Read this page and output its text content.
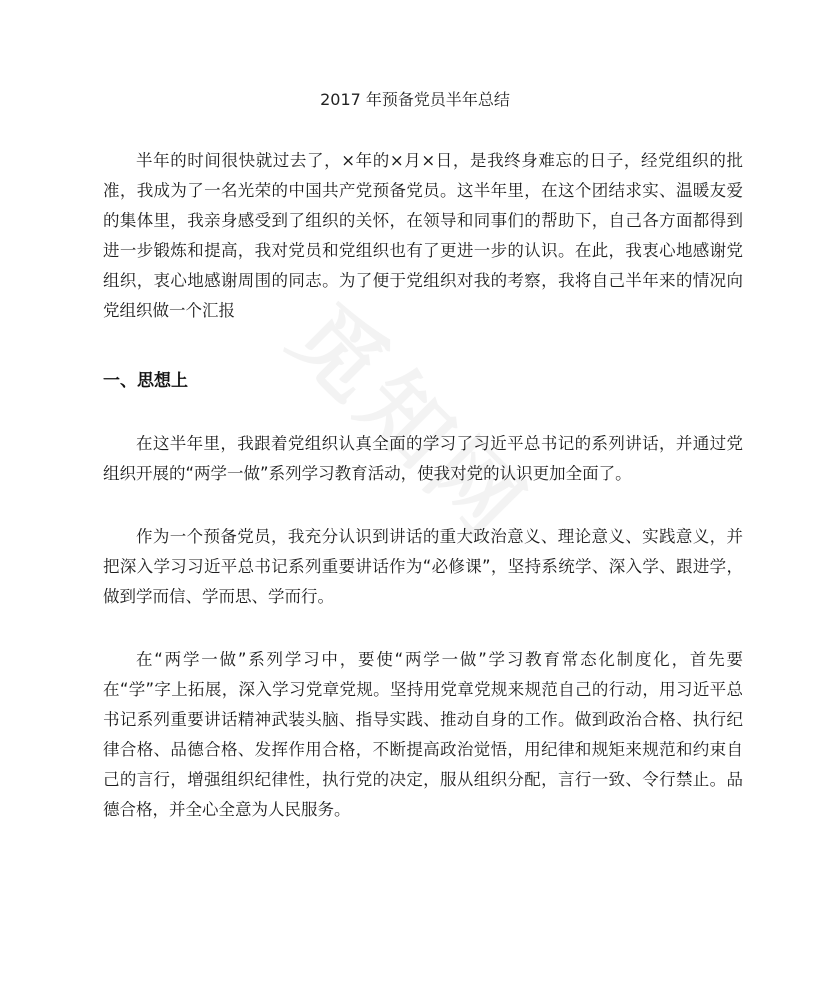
2017 年预备党员半年总结

半年的时间很快就过去了，×年的×月×日，是我终身难忘的日子，经党组织的批准，我成为了一名光荣的中国共产党预备党员。这半年里，在这个团结求实、温暖友爱的集体里，我亲身感受到了组织的关怀，在领导和同事们的帮助下，自己各方面都得到进一步锻炼和提高，我对党员和党组织也有了更进一步的认识。在此，我衷心地感谢党组织，衷心地感谢周围的同志。为了便于党组织对我的考察，我将自己半年来的情况向党组织做一个汇报

一、思想上

在这半年里，我跟着党组织认真全面的学习了习近平总书记的系列讲话，并通过党组织开展的“两学一做”系列学习教育活动，使我对党的认识更加全面了。

作为一个预备党员，我充分认识到讲话的重大政治意义、理论意义、实践意义，并把深入学习习近平总书记系列重要讲话作为“必修课”，坚持系统学、深入学、跟进学，做到学而信、学而思、学而行。

在“两学一做”系列学习中，要使“两学一做”学习教育常态化制度化，首先要在“学”字上拓展，深入学习党章党规。坚持用党章党规来规范自己的行动，用习近平总书记系列重要讲话精神武装头脑、指导实践、推动自身的工作。做到政治合格、执行纪律合格、品德合格、发挥作用合格，不断提高政治觉悟，用纪律和规矩来规范和约束自己的言行，增强组织纪律性，执行党的决定，服从组织分配，言行一致、令行禁止。品德合格，并全心全意为人民服务。
